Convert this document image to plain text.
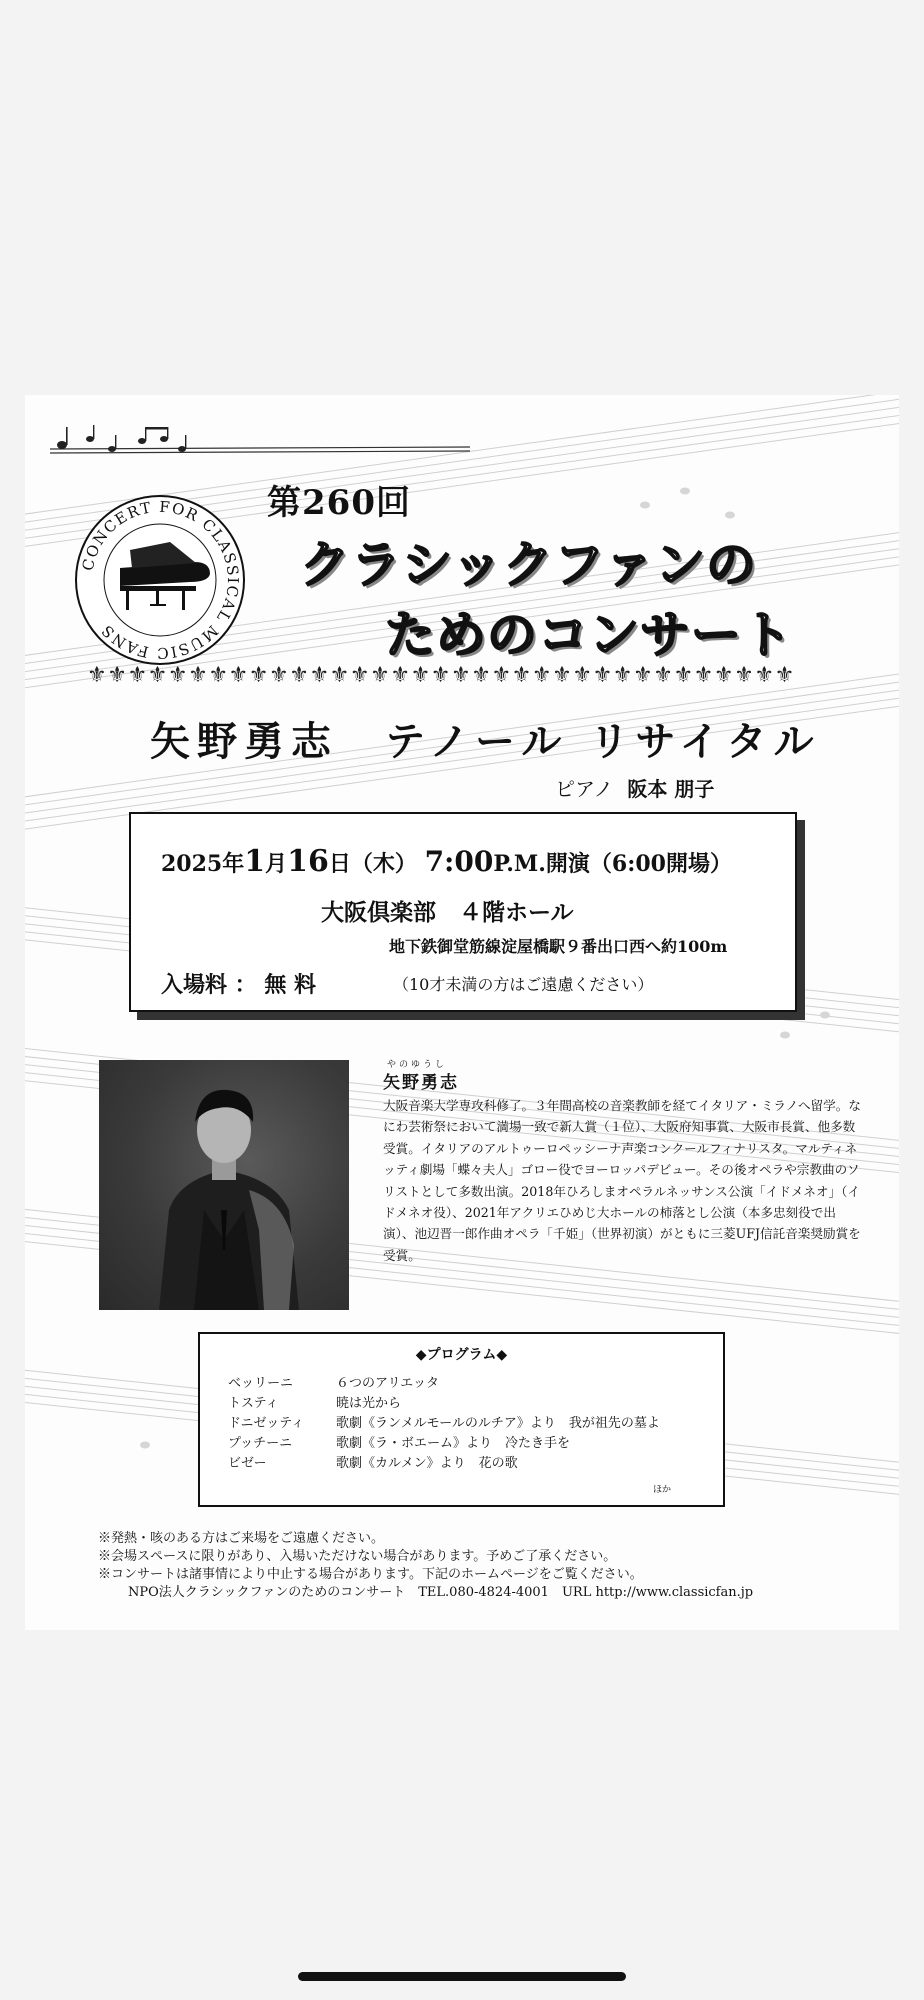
CONCERT FOR CLASSICAL MUSIC FANS
第260回
クラシックファンの
ためのコンサート
⚜⚜⚜⚜⚜⚜⚜⚜⚜⚜⚜⚜⚜⚜⚜⚜⚜⚜⚜⚜⚜⚜⚜⚜⚜⚜⚜⚜⚜⚜⚜⚜⚜⚜⚜
矢野勇志　テノール リサイタル
ピアノ 阪本 朋子
2025年1月16日（木） 7:00P.M.開演（6:00開場）
大阪倶楽部　４階ホール
地下鉄御堂筋線淀屋橋駅９番出口西へ約100m
入場料 ： 無 料	（10才未満の方はご遠慮ください）
やのゆうし
矢野勇志
大阪音楽大学専攻科修了。３年間高校の音楽教師を経てイタリア・ミラノへ留学。なにわ芸術祭において満場一致で新人賞（１位）、大阪府知事賞、大阪市長賞、他多数受賞。イタリアのアルトゥーロペッシーナ声楽コンクールフィナリスタ。マルティネッティ劇場「蝶々夫人」ゴロー役でヨーロッパデビュー。その後オペラや宗教曲のソリストとして多数出演。2018年ひろしまオペラルネッサンス公演「イドメネオ」（イドメネオ役）、2021年アクリエひめじ大ホールの柿落とし公演（本多忠刻役で出演）、池辺晋一郎作曲オペラ「千姫」（世界初演）がともに三菱UFJ信託音楽奨励賞を受賞。
◆プログラム◆
ベッリーニ	６つのアリエッタ
トスティ	暁は光から
ドニゼッティ	歌劇《ランメルモールのルチア》より　我が祖先の墓よ
プッチーニ	歌劇《ラ・ボエーム》より　冷たき手を
ビゼー	歌劇《カルメン》より　花の歌
ほか
※発熱・咳のある方はご来場をご遠慮ください。
※会場スペースに限りがあり、入場いただけない場合があります。予めご了承ください。
※コンサートは諸事情により中止する場合があります。下記のホームページをご覧ください。
NPO法人クラシックファンのためのコンサート　TEL.080-4824-4001　URL http://www.classicfan.jp
